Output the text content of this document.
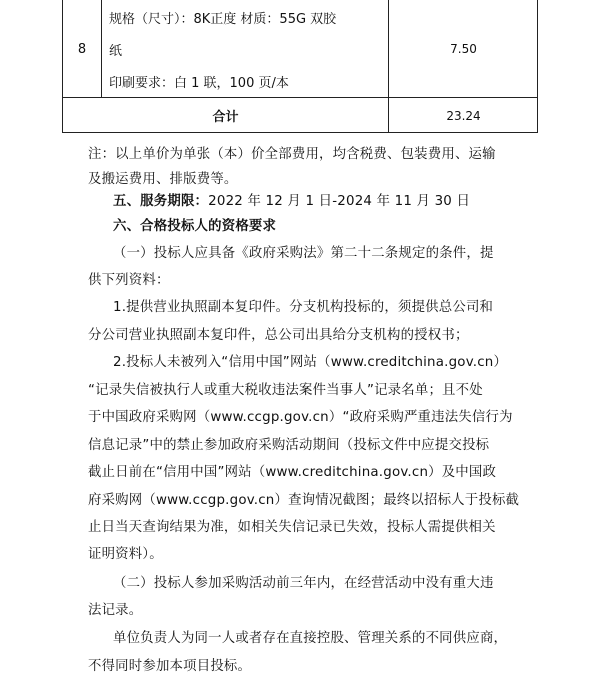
8
规格（尺寸）：8K正度 材质：55G 双胶
纸
印刷要求：白 1 联，100 页/本
7.50
合计	23.24
注：以上单价为单张（本）价全部费用，均含税费、包装费用、运输
及搬运费用、排版费等。
五、服务期限：2022 年 12 月 1 日-2024 年 11 月 30 日
六、合格投标人的资格要求
（一）投标人应具备《政府采购法》第二十二条规定的条件，提
供下列资料：
1.提供营业执照副本复印件。分支机构投标的，须提供总公司和
分公司营业执照副本复印件，总公司出具给分支机构的授权书；
2.投标人未被列入“信用中国”网站（www.creditchina.gov.cn）
“记录失信被执行人或重大税收违法案件当事人”记录名单；且不处
于中国政府采购网（www.ccgp.gov.cn）“政府采购严重违法失信行为
信息记录”中的禁止参加政府采购活动期间（投标文件中应提交投标
截止日前在“信用中国”网站（www.creditchina.gov.cn）及中国政
府采购网（www.ccgp.gov.cn）查询情况截图；最终以招标人于投标截
止日当天查询结果为准，如相关失信记录已失效，投标人需提供相关
证明资料）。
（二）投标人参加采购活动前三年内，在经营活动中没有重大违
法记录。
单位负责人为同一人或者存在直接控股、管理关系的不同供应商，
不得同时参加本项目投标。
